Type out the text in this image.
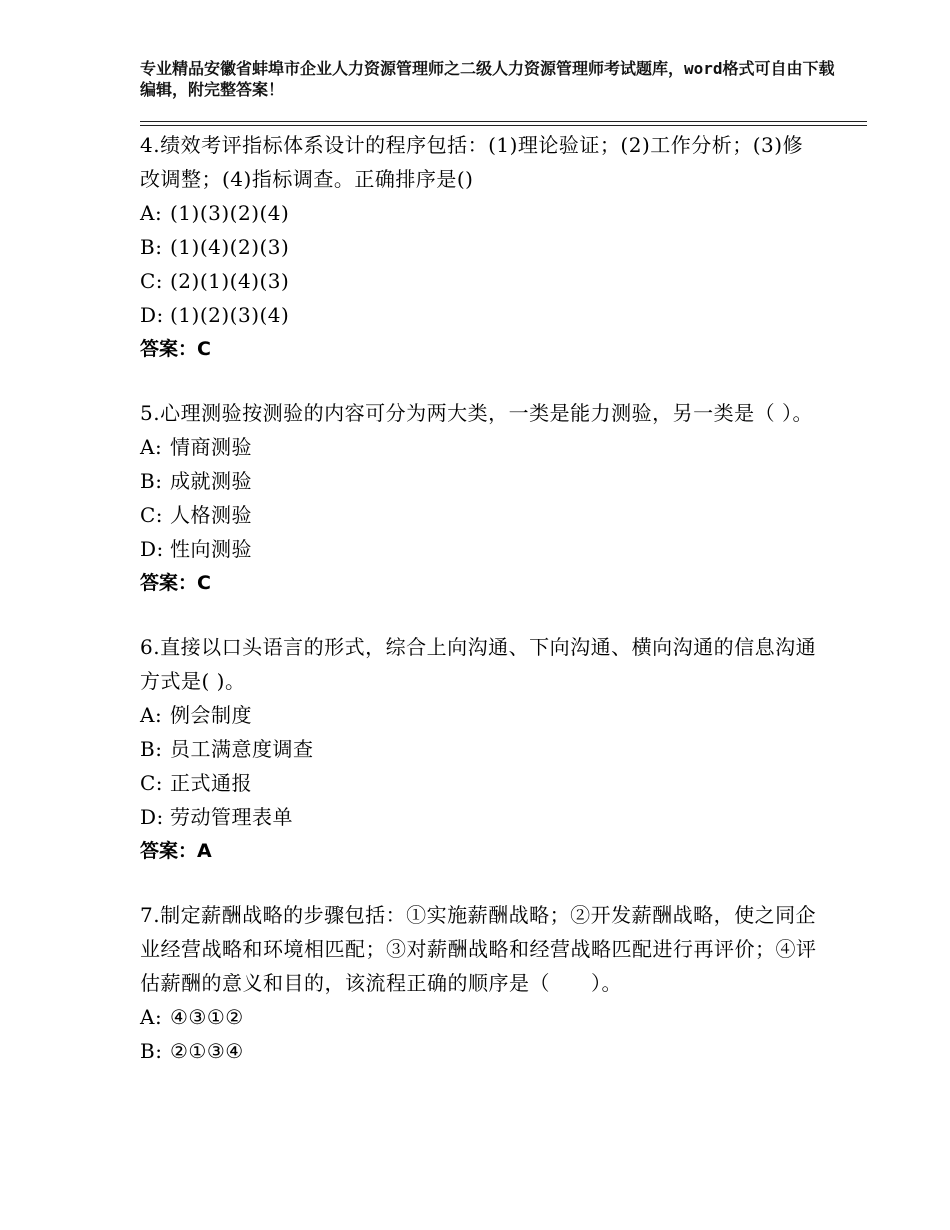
专业精品安徽省蚌埠市企业人力资源管理师之二级人力资源管理师考试题库，word格式可自由下载编辑，附完整答案！

4.绩效考评指标体系设计的程序包括：(1)理论验证；(2)工作分析；(3)修改调整；(4)指标调查。正确排序是()

A: (1)(3)(2)(4)

B: (1)(4)(2)(3)

C: (2)(1)(4)(3)

D: (1)(2)(3)(4)

答案：C

5.心理测验按测验的内容可分为两大类，一类是能力测验，另一类是（ ）。

A: 情商测验

B: 成就测验

C: 人格测验

D: 性向测验

答案：C

6.直接以口头语言的形式，综合上向沟通、下向沟通、横向沟通的信息沟通方式是( )。

A: 例会制度

B: 员工满意度调查

C: 正式通报

D: 劳动管理表单

答案：A

7.制定薪酬战略的步骤包括：①实施薪酬战略；②开发薪酬战略，使之同企业经营战略和环境相匹配；③对薪酬战略和经营战略匹配进行再评价；④评估薪酬的意义和目的，该流程正确的顺序是（　　）。

A: ④③①②

B: ②①③④
